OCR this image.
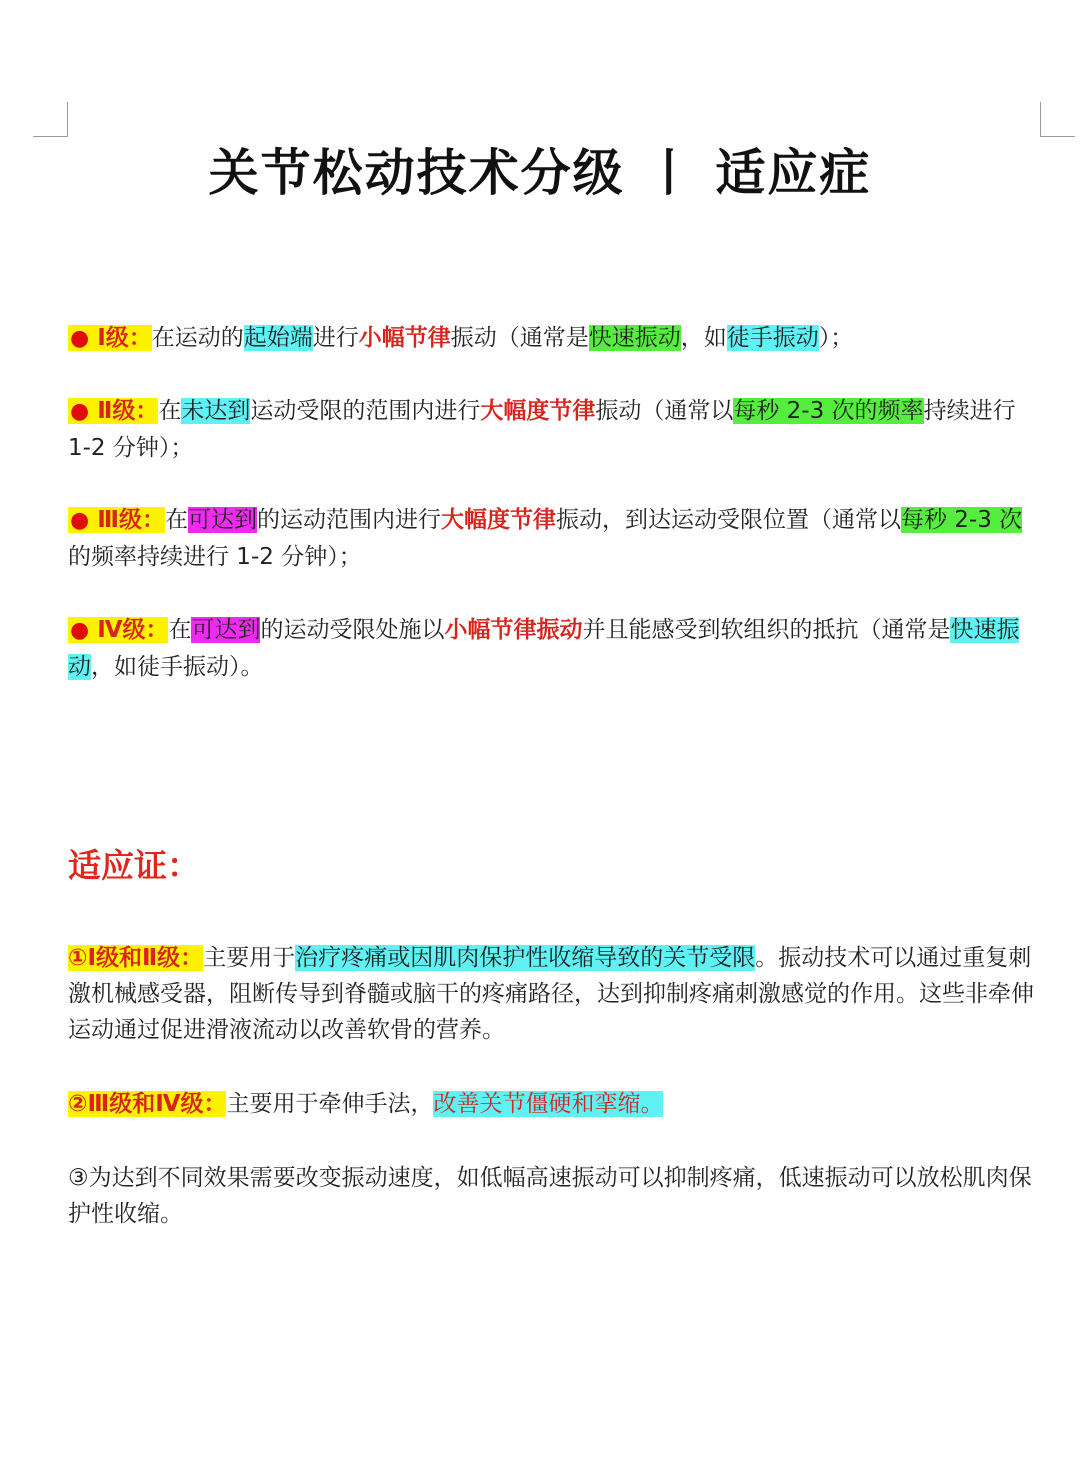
关节松动技术分级 丨 适应症
● Ⅰ级：在运动的起始端进行小幅节律振动（通常是快速振动，如徒手振动）；
● Ⅱ级：在未达到运动受限的范围内进行大幅度节律振动（通常以每秒 2-3 次的频率持续进行 1-2 分钟）；
● Ⅲ级：在可达到的运动范围内进行大幅度节律振动，到达运动受限位置（通常以每秒 2-3 次的频率持续进行 1-2 分钟）；
● Ⅳ级：在可达到的运动受限处施以小幅节律振动并且能感受到软组织的抵抗（通常是快速振动，如徒手振动）。
适应证：
①Ⅰ级和Ⅱ级：主要用于治疗疼痛或因肌肉保护性收缩导致的关节受限。振动技术可以通过重复刺激机械感受器，阻断传导到脊髓或脑干的疼痛路径，达到抑制疼痛刺激感觉的作用。这些非牵伸运动通过促进滑液流动以改善软骨的营养。
②Ⅲ级和Ⅳ级：主要用于牵伸手法，改善关节僵硬和挛缩。
③为达到不同效果需要改变振动速度，如低幅高速振动可以抑制疼痛，低速振动可以放松肌肉保护性收缩。
